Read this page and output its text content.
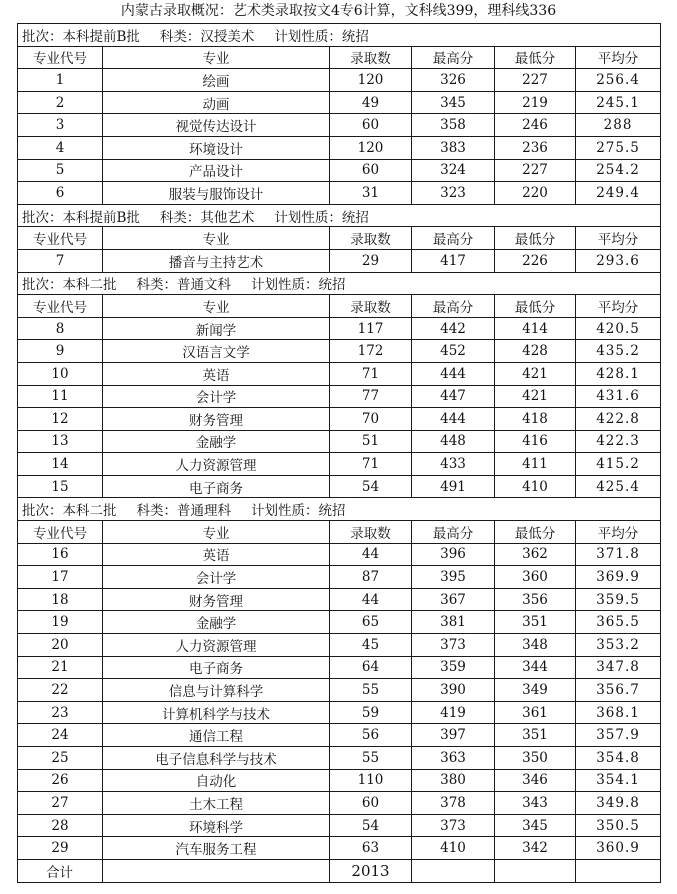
内蒙古录取概况：艺术类录取按文4专6计算，文科线399，理科线336
批次：本科提前B批 科类：汉授美术 计划性质：统招					
专业代号	专业	录取数	最高分	最低分	平均分
1	绘画	120	326	227	256.4
2	动画	49	345	219	245.1
3	视觉传达设计	60	358	246	288
4	环境设计	120	383	236	275.5
5	产品设计	60	324	227	254.2
6	服装与服饰设计	31	323	220	249.4
批次：本科提前B批 科类：其他艺术 计划性质：统招					
专业代号	专业	录取数	最高分	最低分	平均分
7	播音与主持艺术	29	417	226	293.6
批次：本科二批 科类：普通文科 计划性质：统招					
专业代号	专业	录取数	最高分	最低分	平均分
8	新闻学	117	442	414	420.5
9	汉语言文学	172	452	428	435.2
10	英语	71	444	421	428.1
11	会计学	77	447	421	431.6
12	财务管理	70	444	418	422.8
13	金融学	51	448	416	422.3
14	人力资源管理	71	433	411	415.2
15	电子商务	54	491	410	425.4
批次：本科二批 科类：普通理科 计划性质：统招					
专业代号	专业	录取数	最高分	最低分	平均分
16	英语	44	396	362	371.8
17	会计学	87	395	360	369.9
18	财务管理	44	367	356	359.5
19	金融学	65	381	351	365.5
20	人力资源管理	45	373	348	353.2
21	电子商务	64	359	344	347.8
22	信息与计算科学	55	390	349	356.7
23	计算机科学与技术	59	419	361	368.1
24	通信工程	56	397	351	357.9
25	电子信息科学与技术	55	363	350	354.8
26	自动化	110	380	346	354.1
27	土木工程	60	378	343	349.8
28	环境科学	54	373	345	350.5
29	汽车服务工程	63	410	342	360.9
合计		2013			
